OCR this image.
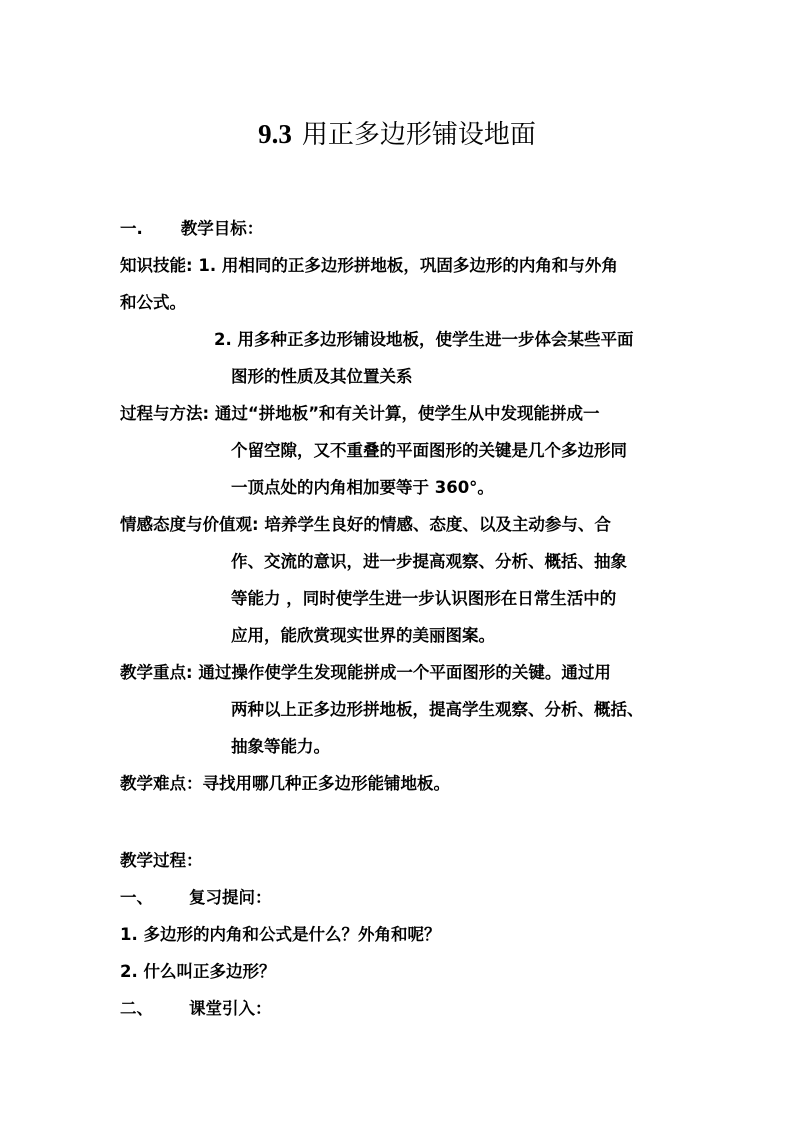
9.3 用正多边形铺设地面
一. 教学目标：
知识技能: 1. 用相同的正多边形拼地板，巩固多边形的内角和与外角
和公式。
2. 用多种正多边形铺设地板，使学生进一步体会某些平面
图形的性质及其位置关系
过程与方法: 通过“拼地板”和有关计算，使学生从中发现能拼成一
个留空隙，又不重叠的平面图形的关键是几个多边形同
一顶点处的内角相加要等于 360°。
情感态度与价值观: 培养学生良好的情感、态度、以及主动参与、合
作、交流的意识，进一步提高观察、分析、概括、抽象
等能力 ，同时使学生进一步认识图形在日常生活中的
应用，能欣赏现实世界的美丽图案。
教学重点: 通过操作使学生发现能拼成一个平面图形的关键。通过用
两种以上正多边形拼地板，提高学生观察、分析、概括、
抽象等能力。
教学难点：寻找用哪几种正多边形能铺地板。
教学过程：
一、 复习提问：
1. 多边形的内角和公式是什么？外角和呢？
2. 什么叫正多边形？
二、 课堂引入：
